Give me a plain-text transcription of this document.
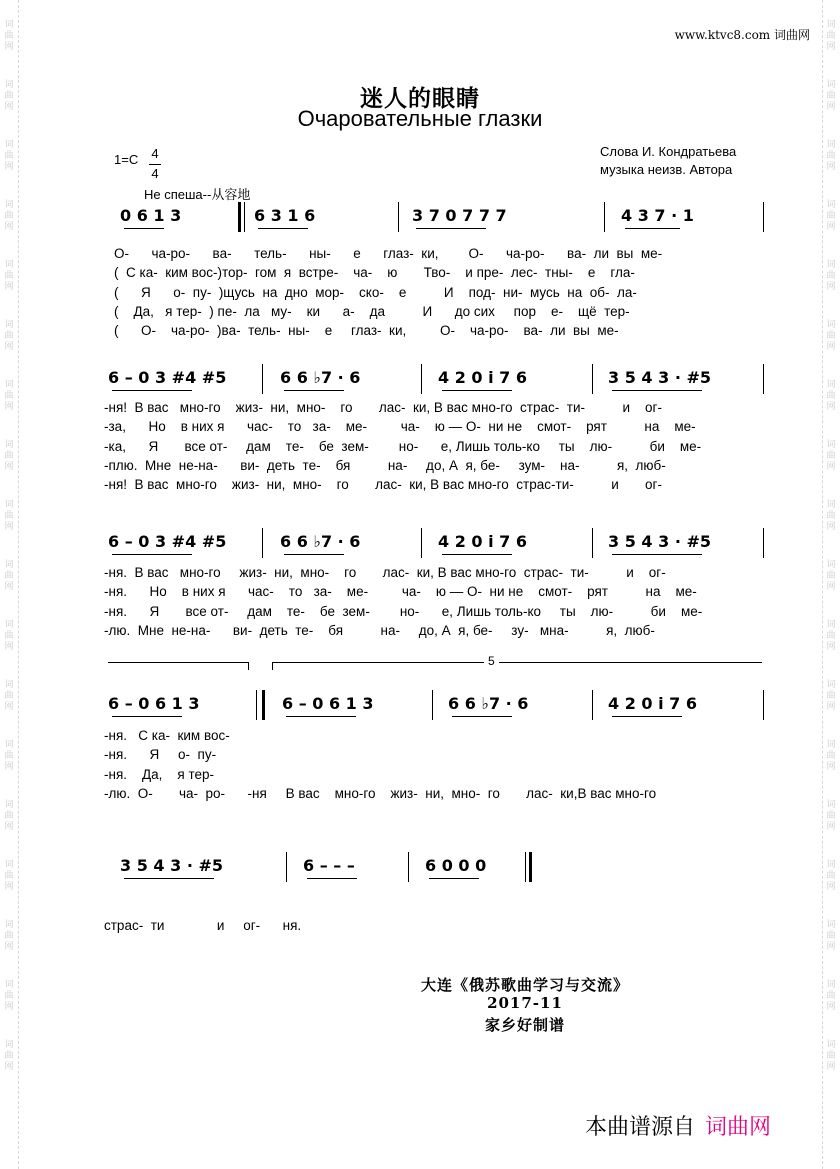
词
曲
网
词
曲
网
词
曲
网
词
曲
网
词
曲
网
词
曲
网
词
曲
网
词
曲
网
词
曲
网
词
曲
网
词
曲
网
词
曲
网
词
曲
网
词
曲
网
词
曲
网
词
曲
网
词
曲
网
词
曲
网
词
曲
网
词
曲
网
词
曲
网
词
曲
网
词
曲
网
词
曲
网
词
曲
网
词
曲
网
词
曲
网
词
曲
网
词
曲
网
词
曲
网
词
曲
网
词
曲
网
词
曲
网
词
曲
网
词
曲
网
词
曲
网
www.ktvc8.com 词曲网
迷人的眼睛
Очаровательные глазки
1=C 4
4
Не спеша--从容地
Слова И. Кондратьева
музыка неизв. Автора
0 6 1 3	6 3 1 6	3 7 0 7 7 7	4 3 7 · 1
О-      ча-ро-      ва-      тель-      ны-      е      глаз-  ки,        О-      ча-ро-      ва-  ли  вы  ме-
(  С ка-  ким вос-)тор-  гом  я  встре-    ча-    ю       Тво-    и пре-  лес-  тны-    е    гла-
(      Я      о-  пу-  )щусь  на  дно  мор-    ско-    е          И    под-  ни-  мусь  на  об-  ла-
(    Да,   я тер-  ) пе-  ла   му-    ки      а-    да          И      до сих     пор    е-    щё  тер-
(      О-    ча-ро-  )ва-  тель-  ны-    е     глаз-  ки,         О-    ча-ро-    ва-  ли  вы  ме-
6 – 0 3 #4 #5	6 6 ♭7 · 6	4 2 0 i 7 6	3 5 4 3 · #5
-ня!  В вас   мно-го    жиз-  ни,  мно-    го       лас-  ки, В вас мно-го  страс-  ти-          и    ог-
-за,      Но    в них я      час-    то   за-    ме-         ча-    ю — О-  ни не    смот-    рят          на    ме-
-ка,      Я       все от-     дам    те-    бе  зем-        но-      е, Лишь толь-ко     ты    лю-          би    ме-
-плю.  Мне  не-на-      ви-  деть  те-    бя          на-     до, А  я, бе-     зум-    на-          я,  люб-
-ня!  В вас  мно-го    жиз-  ни,  мно-    го       лас-  ки, В вас мно-го  страс-ти-          и       ог-
6 – 0 3 #4 #5	6 6 ♭7 · 6	4 2 0 i 7 6	3 5 4 3 · #5
-ня.  В вас   мно-го     жиз-  ни,  мно-    го       лас-  ки, В вас мно-го  страс-  ти-          и    ог-
-ня.      Но    в них я      час-    то   за-    ме-         ча-    ю — О-  ни не    смот-    рят          на    ме-
-ня.      Я       все от-     дам    те-    бе  зем-        но-      е, Лишь толь-ко     ты    лю-          би    ме-
-лю.  Мне  не-на-      ви-  деть  те-    бя          на-     до, А  я, бе-     зу-   мна-          я,  люб-
6 – 0 6 1 3	6 – 0 6 1 3	6 6 ♭7 · 6	4 2 0 i 7 6
5
-ня.   С ка-  ким вос-
-ня.      Я     о-  пу-
-ня.    Да,    я тер-
-лю.  О-       ча-  ро-      -ня     В вас    мно-го    жиз-  ни,  мно-  го       лас-  ки,В вас мно-го
3 5 4 3 · #5	6 – – –	6 0 0 0
страс-  ти              и     ог-      ня.
大连《俄苏歌曲学习与交流》
2017-11
家乡好制谱
本曲谱源自 词曲网
